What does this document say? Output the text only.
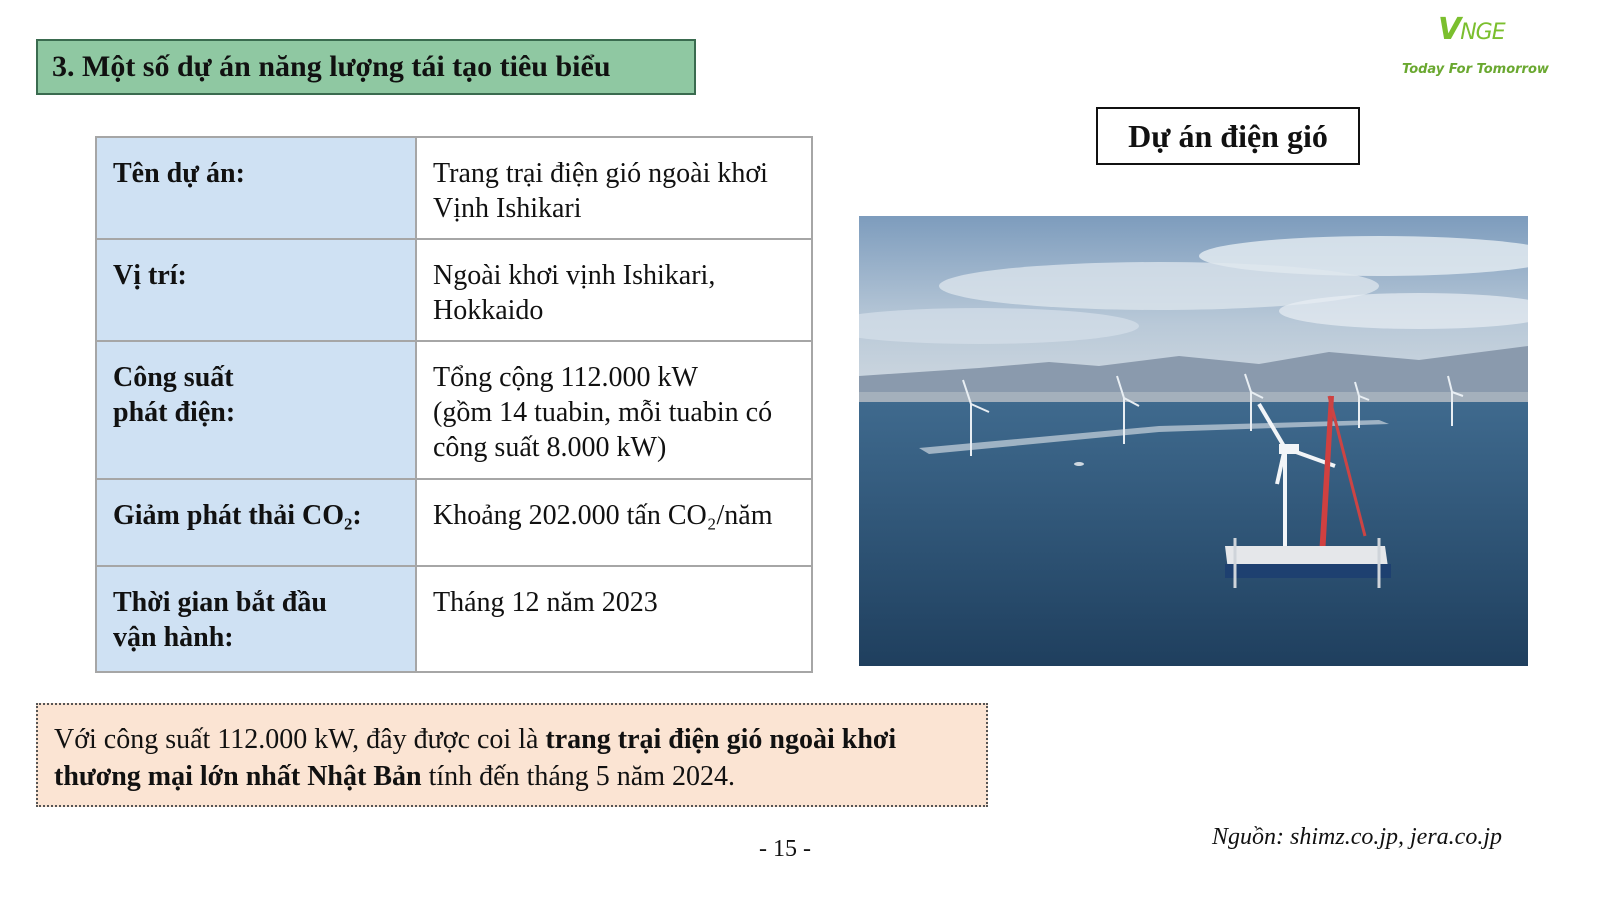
3. Một số dự án năng lượng tái tạo tiêu biểu
VNGE
Today For Tomorrow
Tên dự án:	Trang trại điện gió ngoài khơi
Vịnh Ishikari
Vị trí:	Ngoài khơi vịnh Ishikari,
Hokkaido
Công suất
phát điện:	Tổng cộng 112.000 kW
(gồm 14 tuabin, mỗi tuabin có
công suất 8.000 kW)
Giảm phát thải CO₂:	Khoảng 202.000 tấn CO₂/năm
Thời gian bắt đầu
vận hành:	Tháng 12 năm 2023
Dự án điện gió
Với công suất 112.000 kW, đây được coi là trang trại điện gió ngoài khơi thương mại lớn nhất Nhật Bản tính đến tháng 5 năm 2024.
- 15 -	Nguồn: shimz.co.jp, jera.co.jp
